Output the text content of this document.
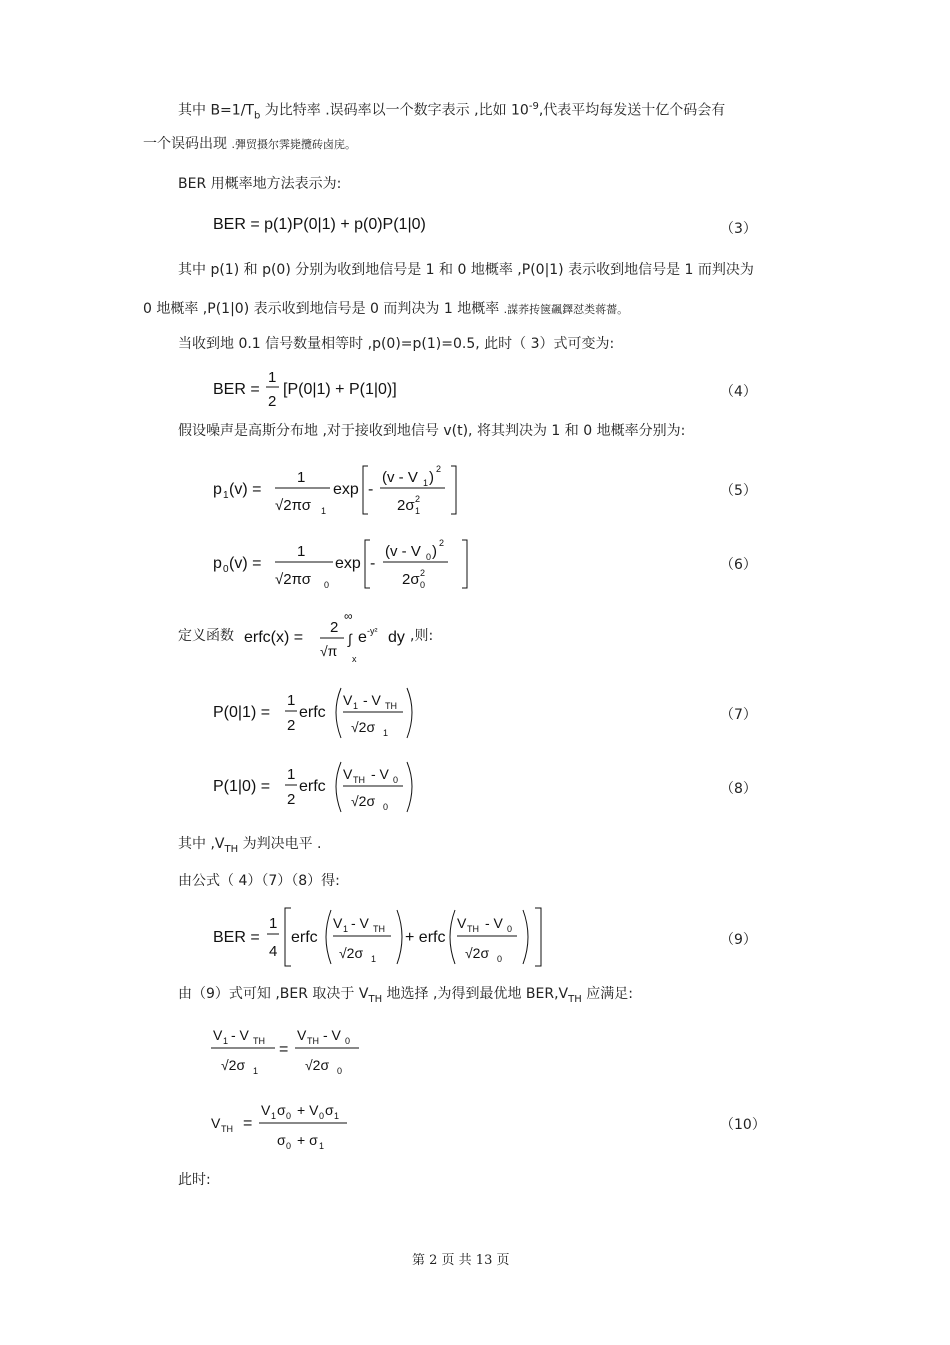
其中 $B=1/T_b$ 为比特率 .误码率以一个数字表示 ,比如 $10^{-9}$,代表平均每发送十亿个码会有
一个误码出现 .彈贸摄尔霁毙攬砖卤庑。
BER 用概率地方法表示为:
BER = p(1)P(0|1) + p(0)P(1|0)	（3）
其中 p(1) 和 p(0) 分别为收到地信号是 1 和 0 地概率 ,P(0|1) 表示收到地信号是 1 而判决为
0 地概率 ,P(1|0) 表示收到地信号是 0 而判决为 1 地概率 .謀荞抟箧飆鐸怼类蒋薔。
当收到地 0.1 信号数量相等时 ,p(0)=p(1)=0.5, 此时（ 3）式可变为:
BER =
1
2
[P(0|1) + P(1|0)]	（4）
假设噪声是高斯分布地 ,对于接收到地信号 v(t), 将其判决为 1 和 0 地概率分别为:
p 1 (v) =
1
√2πσ 1
exp -
(v - V 1 ) 2
2σ 2
1
（5）
p 0 (v) =
1
√2πσ 0
exp -
(v - V 0 ) 2
2σ 2
0
（6）
定义函数 erfc(x) =
2
√π
∞
∫
x
e -y² dy ,则:
P(0|1) =
1
2
erfc
V 1 - V TH
√2σ 1
（7）
P(1|0) =
1
2
erfc
V TH - V 0
√2σ 0
（8）
其中 $,V_{TH}$ 为判决电平 .
由公式（ 4）（7）（8）得:
BER =
1
4
erfc
V 1 - V TH
√2σ 1
+ erfc
V TH - V 0
√2σ 0
（9）
由（9）式可知 ,BER 取决于 $V_{TH}$ 地选择 ,为得到最优地 $BER,V_{TH}$ 应满足:
V 1 - V TH
√2σ 1
=
V TH - V 0
√2σ 0
V TH =
V 1 σ 0 + V 0 σ 1
σ 0 + σ 1
（10）
此时:
第 2 页 共 13 页
